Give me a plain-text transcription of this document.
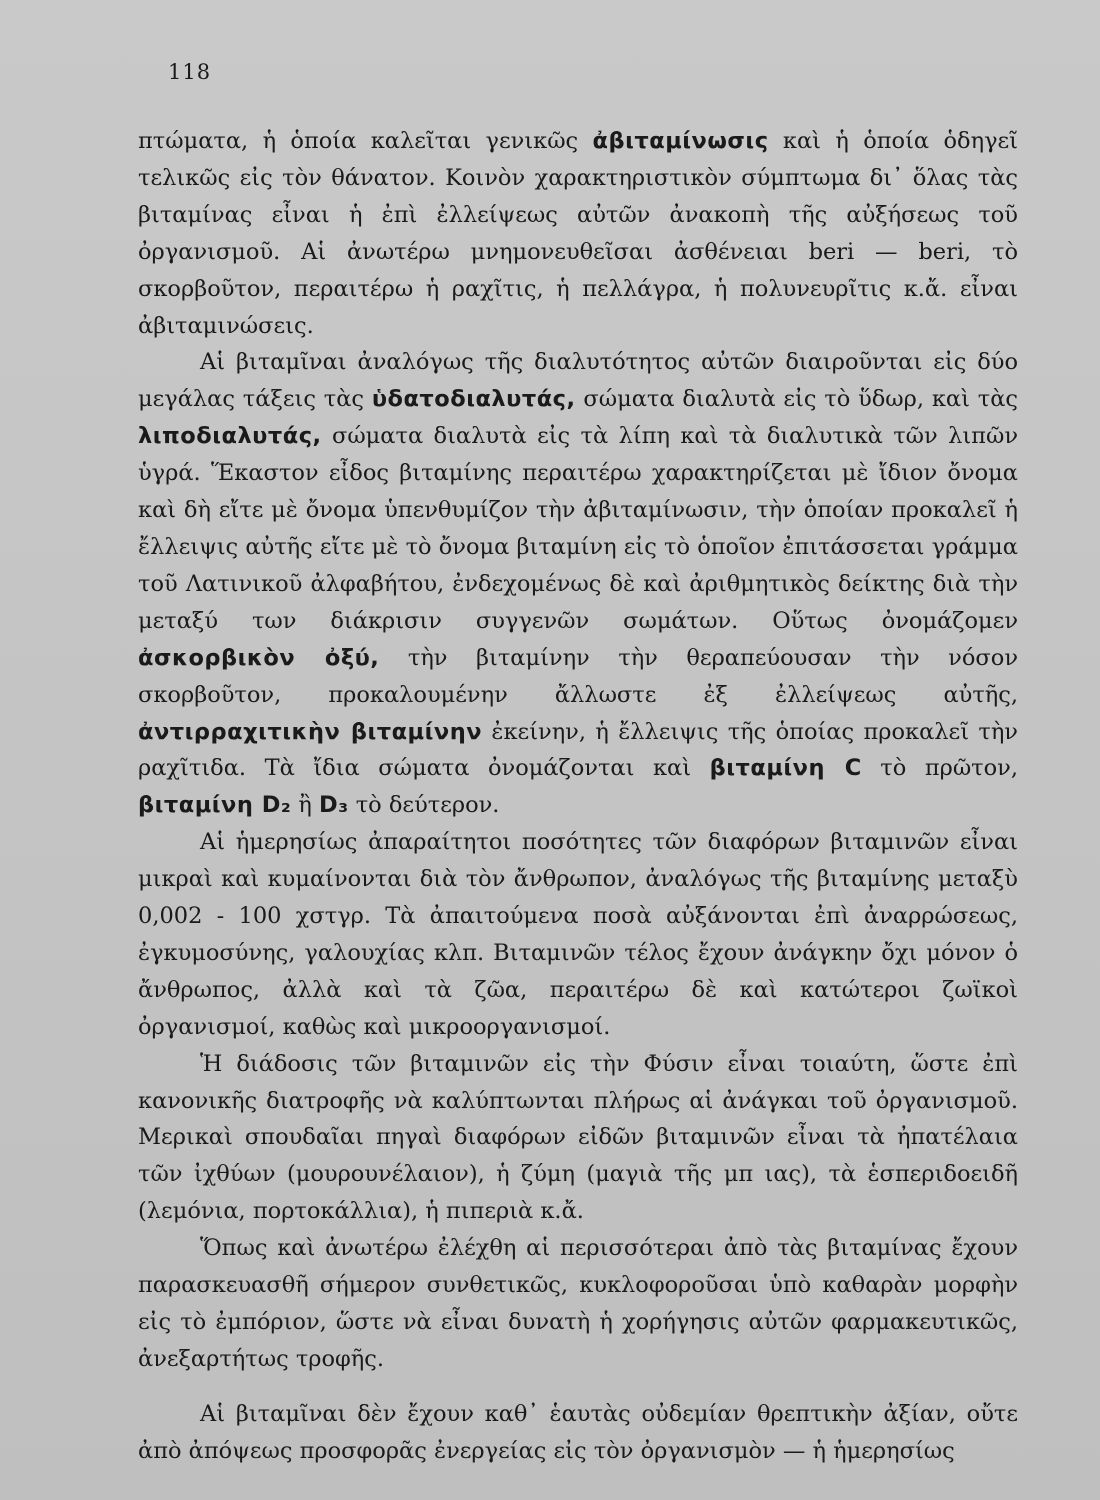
118

πτώματα, ἡ ὁποία καλεῖται γενικῶς ἀβιταμίνωσις καὶ ἡ ὁποία ὁδηγεῖ τελικῶς εἰς τὸν θάνατον. Κοινὸν χαρακτηριστικὸν σύμπτωμα δι᾽ ὅλας τὰς βιταμίνας εἶναι ἡ ἐπὶ ἐλλείψεως αὐτῶν ἀνακοπὴ τῆς αὐξήσεως τοῦ ὀργανισμοῦ. Αἱ ἀνωτέρω μνημονευθεῖσαι ἀσθένειαι beri — beri, τὸ σκορβοῦτον, περαιτέρω ἡ ραχῖτις, ἡ πελλάγρα, ἡ πολυνευρῖτις κ.ἄ. εἶναι ἀβιταμινώσεις.

Αἱ βιταμῖναι ἀναλόγως τῆς διαλυτότητος αὐτῶν διαιροῦνται εἰς δύο μεγάλας τάξεις τὰς ὑδατοδιαλυτάς, σώματα διαλυτὰ εἰς τὸ ὕδωρ, καὶ τὰς λιποδιαλυτάς, σώματα διαλυτὰ εἰς τὰ λίπη καὶ τὰ διαλυτικὰ τῶν λιπῶν ὑγρά. Ἕκαστον εἶδος βιταμίνης περαιτέρω χαρακτηρίζεται μὲ ἴδιον ὄνομα καὶ δὴ εἴτε μὲ ὄνομα ὑπενθυμίζον τὴν ἀβιταμίνωσιν, τὴν ὁποίαν προκαλεῖ ἡ ἔλλειψις αὐτῆς εἴτε μὲ τὸ ὄνομα βιταμίνη εἰς τὸ ὁποῖον ἐπιτάσσεται γράμμα τοῦ Λατινικοῦ ἀλφαβήτου, ἐνδεχομένως δὲ καὶ ἀριθμητικὸς δείκτης διὰ τὴν μεταξύ των διάκρισιν συγγενῶν σωμάτων. Οὕτως ὀνομάζομεν ἀσκορβικὸν ὀξύ, τὴν βιταμίνην τὴν θεραπεύουσαν τὴν νόσον σκορβοῦτον, προκαλουμένην ἄλλωστε ἐξ ἐλλείψεως αὐτῆς, ἀντιρραχιτικὴν βιταμίνην ἐκείνην, ἡ ἔλλειψις τῆς ὁποίας προκαλεῖ τὴν ραχῖτιδα. Τὰ ἴδια σώματα ὀνομάζονται καὶ βιταμίνη C τὸ πρῶτον, βιταμίνη D₂ ἢ D₃ τὸ δεύτερον.

Αἱ ἡμερησίως ἀπαραίτητοι ποσότητες τῶν διαφόρων βιταμινῶν εἶναι μικραὶ καὶ κυμαίνονται διὰ τὸν ἄνθρωπον, ἀναλόγως τῆς βιταμίνης μεταξὺ 0,002 - 100 χστγρ. Τὰ ἀπαιτούμενα ποσὰ αὐξάνονται ἐπὶ ἀναρρώσεως, ἐγκυμοσύνης, γαλουχίας κλπ. Βιταμινῶν τέλος ἔχουν ἀνάγκην ὄχι μόνον ὁ ἄνθρωπος, ἀλλὰ καὶ τὰ ζῶα, περαιτέρω δὲ καὶ κατώτεροι ζωϊκοὶ ὀργανισμοί, καθὼς καὶ μικροοργανισμοί.

Ἡ διάδοσις τῶν βιταμινῶν εἰς τὴν Φύσιν εἶναι τοιαύτη, ὥστε ἐπὶ κανονικῆς διατροφῆς νὰ καλύπτωνται πλήρως αἱ ἀνάγκαι τοῦ ὀργανισμοῦ. Μερικαὶ σπουδαῖαι πηγαὶ διαφόρων εἰδῶν βιταμινῶν εἶναι τὰ ἠπατέλαια τῶν ἰχθύων (μουρουνέλαιον), ἡ ζύμη (μαγιὰ τῆς μπ ιας), τὰ ἑσπεριδοειδῆ (λεμόνια, πορτοκάλλια), ἡ πιπεριὰ κ.ἄ.

Ὅπως καὶ ἀνωτέρω ἐλέχθη αἱ περισσότεραι ἀπὸ τὰς βιταμίνας ἔχουν παρασκευασθῆ σήμερον συνθετικῶς, κυκλοφοροῦσαι ὑπὸ καθαρὰν μορφὴν εἰς τὸ ἐμπόριον, ὥστε νὰ εἶναι δυνατὴ ἡ χορήγησις αὐτῶν φαρμακευτικῶς, ἀνεξαρτήτως τροφῆς.

Αἱ βιταμῖναι δὲν ἔχουν καθ᾽ ἑαυτὰς οὐδεμίαν θρεπτικὴν ἀξίαν, οὔτε ἀπὸ ἀπόψεως προσφορᾶς ἐνεργείας εἰς τὸν ὀργανισμὸν — ἡ ἡμερησίως
